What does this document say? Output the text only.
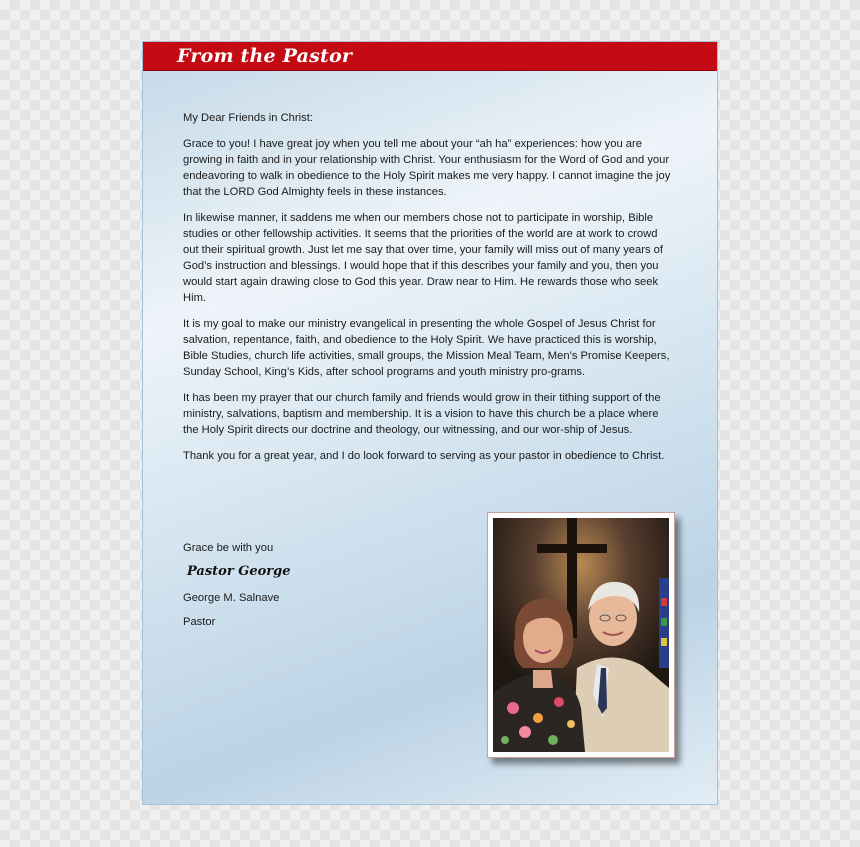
From the Pastor

My Dear Friends in Christ:

Grace to you! I have great joy when you tell me about your “ah ha” experiences: how you are growing in faith and in your relationship with Christ. Your enthusiasm for the Word of God and your endeavoring to walk in obedience to the Holy Spirit makes me very happy. I cannot imagine the joy that the LORD God Almighty feels in these instances.

In likewise manner, it saddens me when our members chose not to participate in worship, Bible studies or other fellowship activities. It seems that the priorities of the world are at work to crowd out their spiritual growth. Just let me say that over time, your family will miss out of many years of God’s instruction and blessings. I would hope that if this describes your family and you, then you would start again drawing close to God this year. Draw near to Him. He rewards those who seek Him.

It is my goal to make our ministry evangelical in presenting the whole Gospel of Jesus Christ for salvation, repentance, faith, and obedience to the Holy Spirit. We have practiced this is worship, Bible Studies, church life activities, small groups, the Mission Meal Team, Men’s Promise Keepers, Sunday School, King’s Kids, after school programs and youth ministry pro-grams.

It has been my prayer that our church family and friends would grow in their tithing support of the ministry, salvations, baptism and membership. It is a vision to have this church be a place where the Holy Spirit directs our doctrine and theology, our witnessing, and our wor-ship of Jesus.

Thank you for a great year, and I do look forward to serving as your pastor in obedience to Christ.

Grace be with you

Pastor George

George M. Salnave

Pastor
